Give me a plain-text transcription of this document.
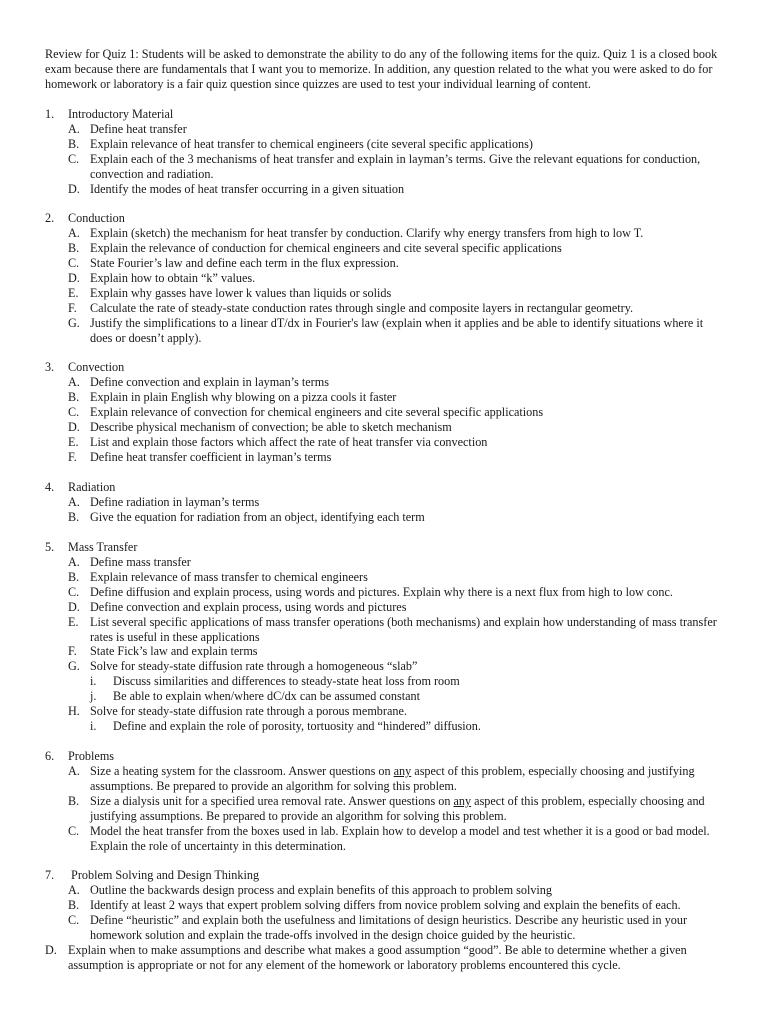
Review for Quiz 1: Students will be asked to demonstrate the ability to do any of the following items for the quiz. Quiz 1 is a closed book exam because there are fundamentals that I want you to memorize. In addition, any question related to the what you were asked to do for homework or laboratory is a fair quiz question since quizzes are used to test your individual learning of content.

1. Introductory Material
A. Define heat transfer
B. Explain relevance of heat transfer to chemical engineers (cite several specific applications)
C. Explain each of the 3 mechanisms of heat transfer and explain in layman’s terms. Give the relevant equations for conduction, convection and radiation.
D. Identify the modes of heat transfer occurring in a given situation
2. Conduction
A. Explain (sketch) the mechanism for heat transfer by conduction. Clarify why energy transfers from high to low T.
B. Explain the relevance of conduction for chemical engineers and cite several specific applications
C. State Fourier’s law and define each term in the flux expression.
D. Explain how to obtain “k” values.
E. Explain why gasses have lower k values than liquids or solids
F. Calculate the rate of steady-state conduction rates through single and composite layers in rectangular geometry.
G. Justify the simplifications to a linear dT/dx in Fourier's law (explain when it applies and be able to identify situations where it does or doesn’t apply).
3. Convection
A. Define convection and explain in layman’s terms
B. Explain in plain English why blowing on a pizza cools it faster
C. Explain relevance of convection for chemical engineers and cite several specific applications
D. Describe physical mechanism of convection; be able to sketch mechanism
E. List and explain those factors which affect the rate of heat transfer via convection
F. Define heat transfer coefficient in layman’s terms
4. Radiation
A. Define radiation in layman’s terms
B. Give the equation for radiation from an object, identifying each term
5. Mass Transfer
A. Define mass transfer
B. Explain relevance of mass transfer to chemical engineers
C. Define diffusion and explain process, using words and pictures. Explain why there is a next flux from high to low conc.
D. Define convection and explain process, using words and pictures
E. List several specific applications of mass transfer operations (both mechanisms) and explain how understanding of mass transfer rates is useful in these applications
F. State Fick’s law and explain terms
G. Solve for steady-state diffusion rate through a homogeneous “slab”
i. Discuss similarities and differences to steady-state heat loss from room
j. Be able to explain when/where dC/dx can be assumed constant
H. Solve for steady-state diffusion rate through a porous membrane.
i. Define and explain the role of porosity, tortuosity and “hindered” diffusion.
6. Problems
A. Size a heating system for the classroom. Answer questions on any aspect of this problem, especially choosing and justifying assumptions. Be prepared to provide an algorithm for solving this problem.
B. Size a dialysis unit for a specified urea removal rate. Answer questions on any aspect of this problem, especially choosing and justifying assumptions. Be prepared to provide an algorithm for solving this problem.
C. Model the heat transfer from the boxes used in lab. Explain how to develop a model and test whether it is a good or bad model. Explain the role of uncertainty in this determination.
7. Problem Solving and Design Thinking
A. Outline the backwards design process and explain benefits of this approach to problem solving
B. Identify at least 2 ways that expert problem solving differs from novice problem solving and explain the benefits of each.
C. Define “heuristic” and explain both the usefulness and limitations of design heuristics. Describe any heuristic used in your homework solution and explain the trade-offs involved in the design choice guided by the heuristic.
D. Explain when to make assumptions and describe what makes a good assumption “good”. Be able to determine whether a given assumption is appropriate or not for any element of the homework or laboratory problems encountered this cycle.
